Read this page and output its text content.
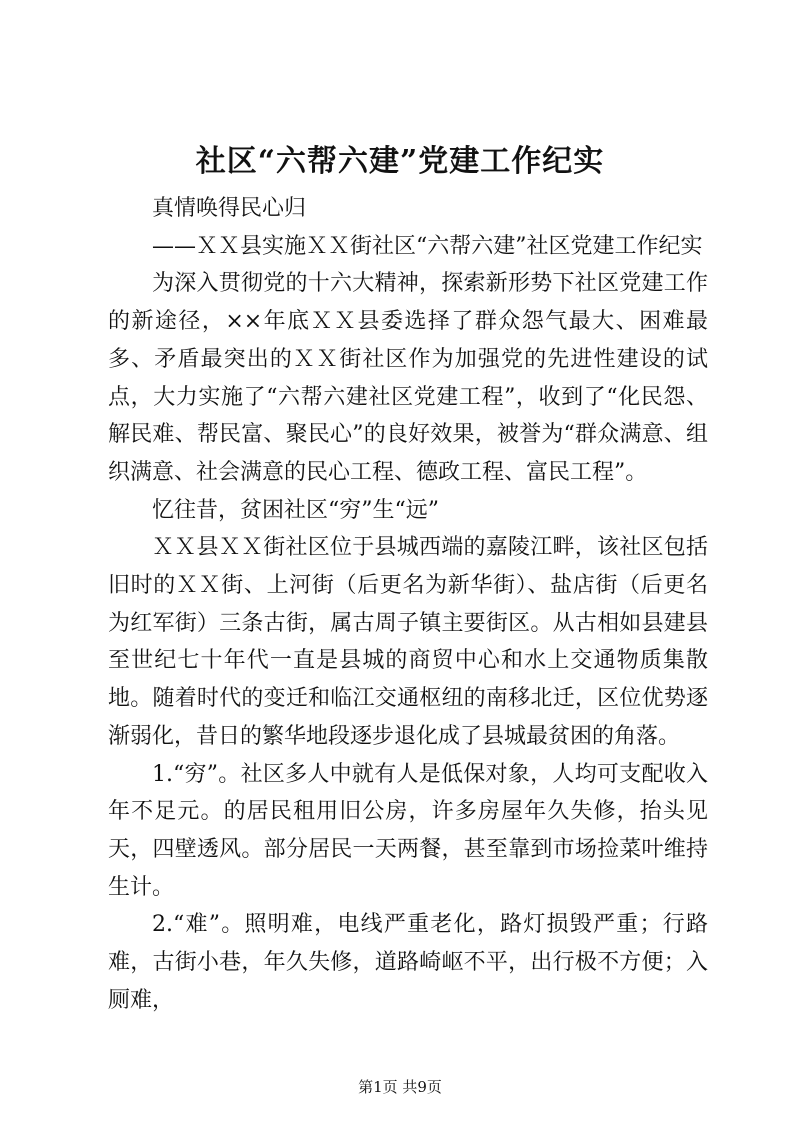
社区“六帮六建”党建工作纪实

真情唤得民心归

——ＸＸ县实施ＸＸ街社区“六帮六建”社区党建工作纪实

为深入贯彻党的十六大精神，探索新形势下社区党建工作的新途径，××年底ＸＸ县委选择了群众怨气最大、困难最多、矛盾最突出的ＸＸ街社区作为加强党的先进性建设的试点，大力实施了“六帮六建社区党建工程”，收到了“化民怨、解民难、帮民富、聚民心”的良好效果，被誉为“群众满意、组织满意、社会满意的民心工程、德政工程、富民工程”。

忆往昔，贫困社区“穷”生“远”

ＸＸ县ＸＸ街社区位于县城西端的嘉陵江畔，该社区包括旧时的ＸＸ街、上河街（后更名为新华街）、盐店街（后更名为红军街）三条古街，属古周子镇主要街区。从古相如县建县至世纪七十年代一直是县城的商贸中心和水上交通物质集散地。随着时代的变迁和临江交通枢纽的南移北迁，区位优势逐渐弱化，昔日的繁华地段逐步退化成了县城最贫困的角落。

1.“穷”。社区多人中就有人是低保对象，人均可支配收入年不足元。的居民租用旧公房，许多房屋年久失修，抬头见天，四壁透风。部分居民一天两餐，甚至靠到市场捡菜叶维持生计。

2.“难”。照明难，电线严重老化，路灯损毁严重；行路难，古街小巷，年久失修，道路崎岖不平，出行极不方便；入厕难，

第1页 共9页
